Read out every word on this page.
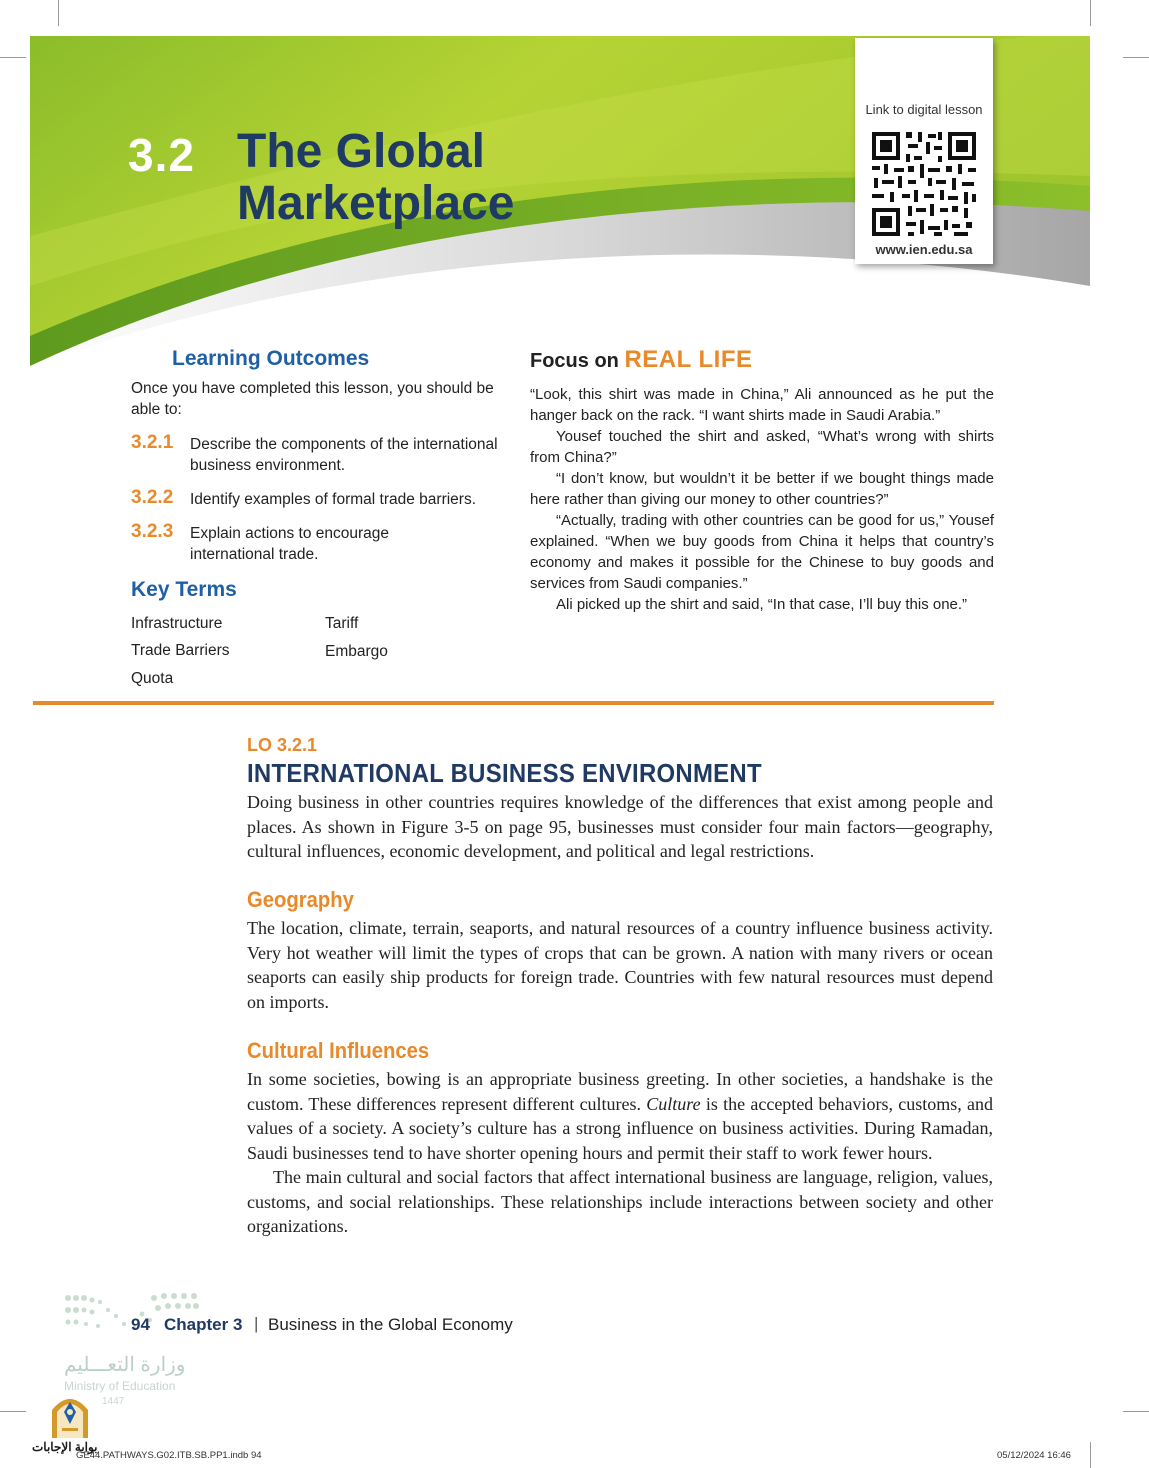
3.2 The Global
Marketplace
Link to digital lesson
www.ien.edu.sa
Learning Outcomes
Once you have completed this lesson, you should be able to:
3.2.1 Describe the components of the international business environment.
3.2.2 Identify examples of formal trade barriers.
3.2.3 Explain actions to encourage international trade.
Key Terms
Infrastructure	Tariff
Trade Barriers	Embargo
Quota
Focus on REAL LIFE

“Look, this shirt was made in China,” Ali announced as he put the hanger back on the rack. “I want shirts made in Saudi Arabia.”

Yousef touched the shirt and asked, “What’s wrong with shirts from China?”

“I don’t know, but wouldn’t it be better if we bought things made here rather than giving our money to other countries?”

“Actually, trading with other countries can be good for us,” Yousef explained. “When we buy goods from China it helps that country’s economy and makes it possible for the Chinese to buy goods and services from Saudi companies.”

Ali picked up the shirt and said, “In that case, I’ll buy this one.”

LO 3.2.1
INTERNATIONAL BUSINESS ENVIRONMENT

Doing business in other countries requires knowledge of the differences that exist among people and places. As shown in Figure 3-5 on page 95, businesses must consider four main factors—geography, cultural influences, economic development, and political and legal restrictions.

Geography

The location, climate, terrain, seaports, and natural resources of a country influence business activity. Very hot weather will limit the types of crops that can be grown. A nation with many rivers or ocean seaports can easily ship products for foreign trade. Countries with few natural resources must depend on imports.

Cultural Influences

In some societies, bowing is an appropriate business greeting. In other societies, a handshake is the custom. These differences represent different cultures. Culture is the accepted behaviors, customs, and values of a society. A society’s culture has a strong influence on business activities. During Ramadan, Saudi businesses tend to have shorter opening hours and permit their staff to work fewer hours.

The main cultural and social factors that affect international business are language, religion, values, customs, and social relationships. These relationships include interactions between society and other organizations.

94 Chapter 3 | Business in the Global Economy
وزارة التعـــليم
Ministry of Education
1447
بوابة الإجابات
GE44.PATHWAYS.G02.ITB.SB.PP1.indb 94	05/12/2024 16:46
